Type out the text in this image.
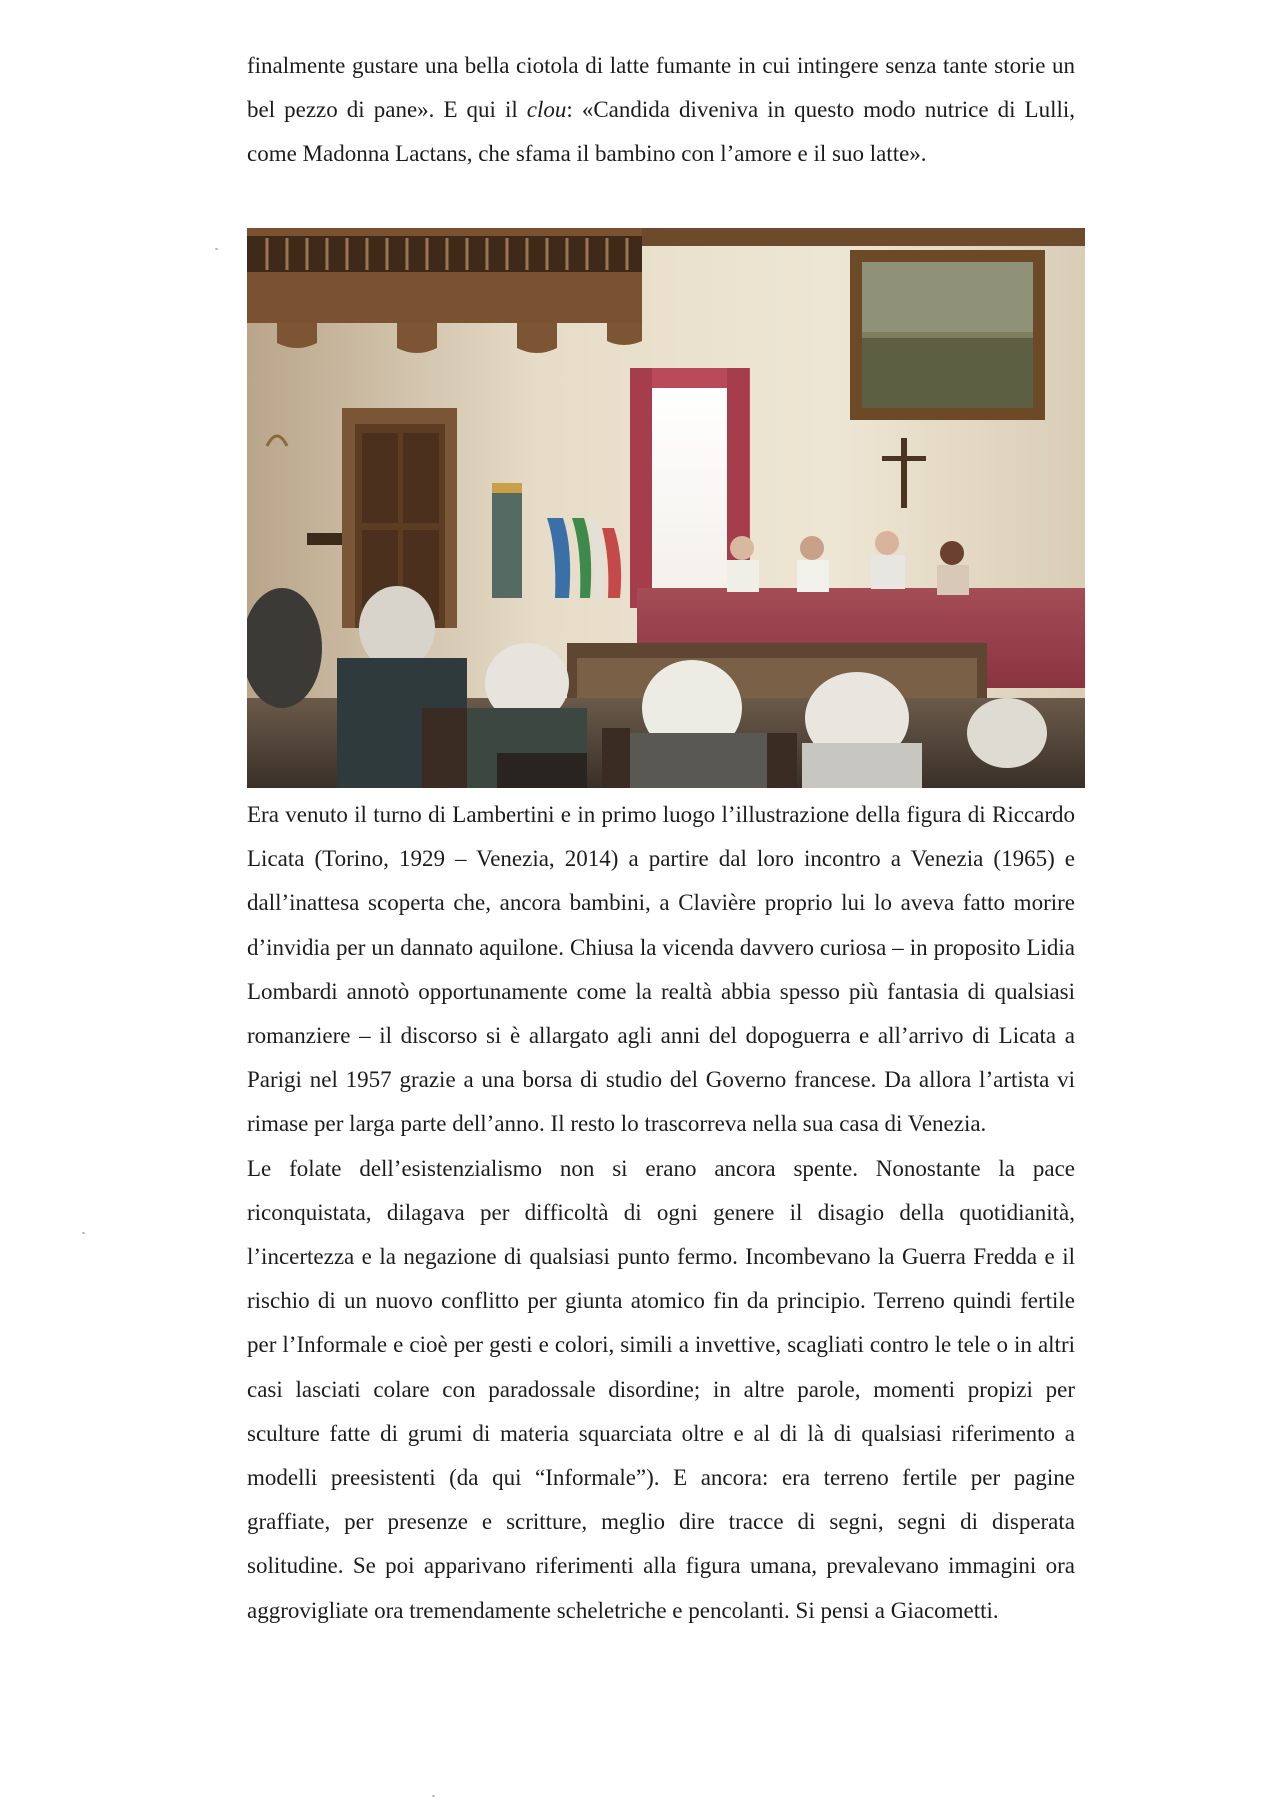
finalmente gustare una bella ciotola di latte fumante in cui intingere senza tante storie un bel pezzo di pane». E qui il clou: «Candida diveniva in questo modo nutrice di Lulli, come Madonna Lactans, che sfama il bambino con l’amore e il suo latte».

Era venuto il turno di Lambertini e in primo luogo l’illustrazione della figura di Riccardo Licata (Torino, 1929 – Venezia, 2014) a partire dal loro incontro a Venezia (1965) e dall’inattesa scoperta che, ancora bambini, a Clavière proprio lui lo aveva fatto morire d’invidia per un dannato aquilone. Chiusa la vicenda davvero curiosa – in proposito Lidia Lombardi annotò opportunamente come la realtà abbia spesso più fantasia di qualsiasi romanziere – il discorso si è allargato agli anni del dopoguerra e all’arrivo di Licata a Parigi nel 1957 grazie a una borsa di studio del Governo francese. Da allora l’artista vi rimase per larga parte dell’anno. Il resto lo trascorreva nella sua casa di Venezia.

Le folate dell’esistenzialismo non si erano ancora spente. Nonostante la pace riconquistata, dilagava per difficoltà di ogni genere il disagio della quotidianità, l’incertezza e la negazione di qualsiasi punto fermo. Incombevano la Guerra Fredda e il rischio di un nuovo conflitto per giunta atomico fin da principio. Terreno quindi fertile per l’Informale e cioè per gesti e colori, simili a invettive, scagliati contro le tele o in altri casi lasciati colare con paradossale disordine; in altre parole, momenti propizi per sculture fatte di grumi di materia squarciata oltre e al di là di qualsiasi riferimento a modelli preesistenti (da qui “Informale”). E ancora: era terreno fertile per pagine graffiate, per presenze e scritture, meglio dire tracce di segni, segni di disperata solitudine. Se poi apparivano riferimenti alla figura umana, prevalevano immagini ora aggrovigliate ora tremendamente scheletriche e pencolanti. Si pensi a Giacometti.
